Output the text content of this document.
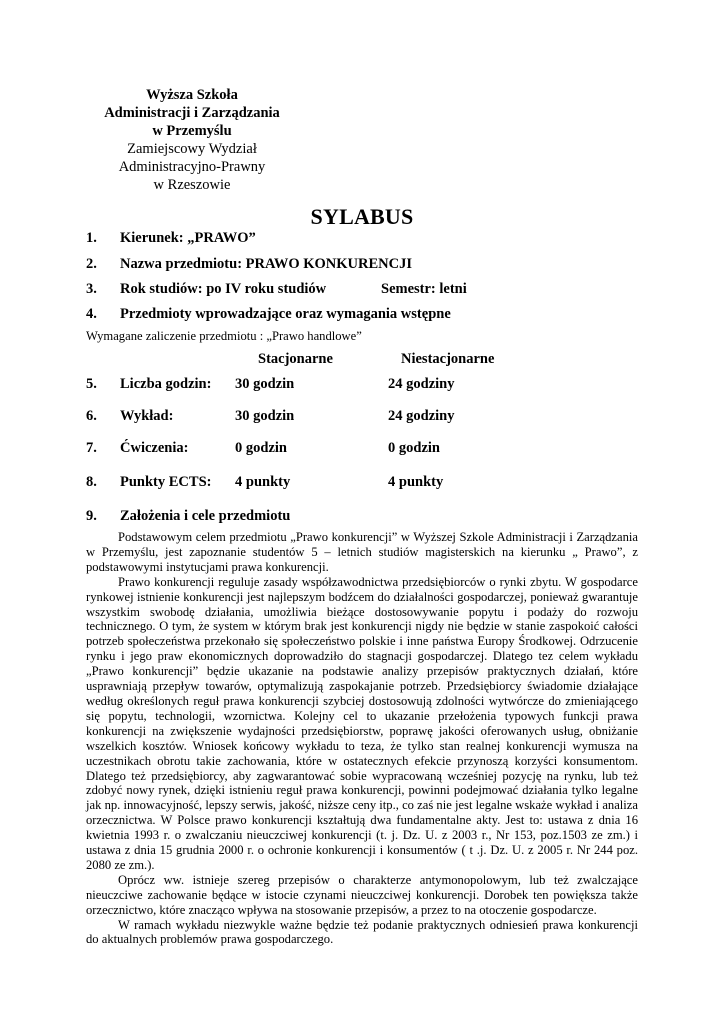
Wyższa Szkoła
Administracji i Zarządzania
w Przemyślu
Zamiejscowy Wydział
Administracyjno-Prawny
w Rzeszowie
SYLABUS
1. Kierunek: „PRAWO”
2. Nazwa przedmiotu: PRAWO KONKURENCJI
3. Rok studiów: po IV roku studiów	Semestr: letni
4. Przedmioty wprowadzające oraz wymagania wstępne
Wymagane zaliczenie przedmiotu : „Prawo handlowe”
Stacjonarne	Niestacjonarne
5. Liczba godzin: 30 godzin	24 godziny
6. Wykład:	30 godzin	24 godziny
7. Ćwiczenia:	0 godzin	0 godzin
8. Punkty ECTS: 4 punkty	4 punkty
9. Założenia i cele przedmiotu

Podstawowym celem przedmiotu „Prawo konkurencji” w Wyższej Szkole Administracji i Zarządzania w Przemyślu, jest zapoznanie studentów 5 – letnich studiów magisterskich na kierunku „ Prawo”, z podstawowymi instytucjami prawa konkurencji.

Prawo konkurencji reguluje zasady współzawodnictwa przedsiębiorców o rynki zbytu. W gospodarce rynkowej istnienie konkurencji jest najlepszym bodźcem do działalności gospodarczej, ponieważ gwarantuje wszystkim swobodę działania, umożliwia bieżące dostosowywanie popytu i podaży do rozwoju technicznego. O tym, że system w którym brak jest konkurencji nigdy nie będzie w stanie zaspokoić całości potrzeb społeczeństwa przekonało się społeczeństwo polskie i inne państwa Europy Środkowej. Odrzucenie rynku i jego praw ekonomicznych doprowadziło do stagnacji gospodarczej. Dlatego tez celem wykładu „Prawo konkurencji” będzie ukazanie na podstawie analizy przepisów praktycznych działań, które usprawniają przepływ towarów, optymalizują zaspokajanie potrzeb. Przedsiębiorcy świadomie działające według określonych reguł prawa konkurencji szybciej dostosowują zdolności wytwórcze do zmieniającego się popytu, technologii, wzornictwa. Kolejny cel to ukazanie przełożenia typowych funkcji prawa konkurencji na zwiększenie wydajności przedsiębiorstw, poprawę jakości oferowanych usług, obniżanie wszelkich kosztów. Wniosek końcowy wykładu to teza, że tylko stan realnej konkurencji wymusza na uczestnikach obrotu takie zachowania, które w ostatecznych efekcie przynoszą korzyści konsumentom. Dlatego też przedsiębiorcy, aby zagwarantować sobie wypracowaną wcześniej pozycję na rynku, lub też zdobyć nowy rynek, dzięki istnieniu reguł prawa konkurencji, powinni podejmować działania tylko legalne jak np. innowacyjność, lepszy serwis, jakość, niższe ceny itp., co zaś nie jest legalne wskaże wykład i analiza orzecznictwa. W Polsce prawo konkurencji kształtują dwa fundamentalne akty. Jest to: ustawa z dnia 16 kwietnia 1993 r. o zwalczaniu nieuczciwej konkurencji (t. j. Dz. U. z 2003 r., Nr 153, poz.1503 ze zm.) i ustawa z dnia 15 grudnia 2000 r. o ochronie konkurencji i konsumentów ( t .j. Dz. U. z 2005 r. Nr 244 poz. 2080 ze zm.).

Oprócz ww. istnieje szereg przepisów o charakterze antymonopolowym, lub też zwalczające nieuczciwe zachowanie będące w istocie czynami nieuczciwej konkurencji. Dorobek ten powiększa także orzecznictwo, które znacząco wpływa na stosowanie przepisów, a przez to na otoczenie gospodarcze.

W ramach wykładu niezwykle ważne będzie też podanie praktycznych odniesień prawa konkurencji do aktualnych problemów prawa gospodarczego.
